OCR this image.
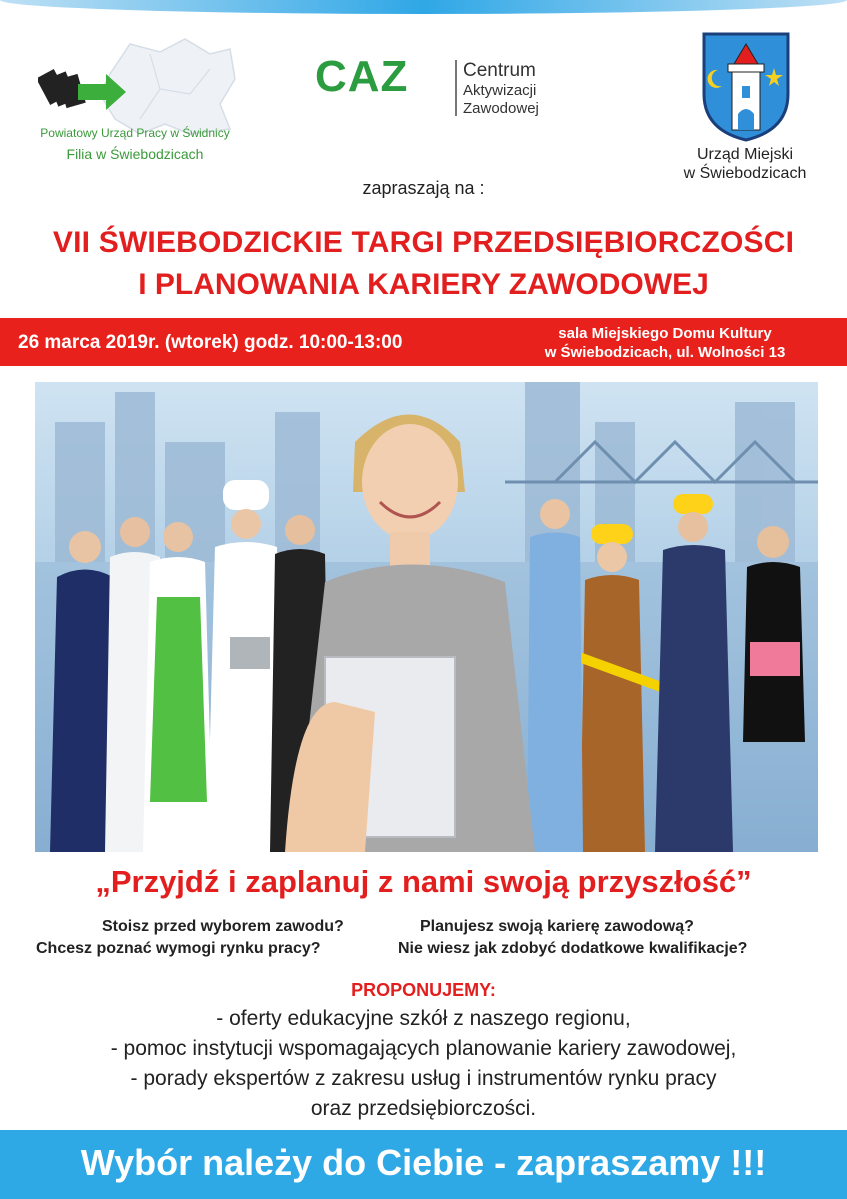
Powiatowy Urząd Pracy w Świdnicy
Filia w Świebodzicach
CAZ	Centrum
Aktywizacji
Zawodowej
Urząd Miejski
w Świebodzicach
zapraszają na :
VII ŚWIEBODZICKIE TARGI PRZEDSIĘBIORCZOŚCI
I PLANOWANIA KARIERY ZAWODOWEJ
26 marca 2019r. (wtorek) godz. 10:00-13:00	sala Miejskiego Domu Kultury
w Świebodzicach, ul. Wolności 13
„Przyjdź i zaplanuj z nami swoją przyszłość”
Stoisz przed wyborem zawodu?	Planujesz swoją karierę zawodową?
Chcesz poznać wymogi rynku pracy?	Nie wiesz jak zdobyć dodatkowe kwalifikacje?
PROPONUJEMY:
- oferty edukacyjne szkół z naszego regionu,
- pomoc instytucji wspomagających planowanie kariery zawodowej,
- porady ekspertów z zakresu usług i instrumentów rynku pracy
oraz przedsiębiorczości.
Wybór należy do Ciebie - zapraszamy !!!
